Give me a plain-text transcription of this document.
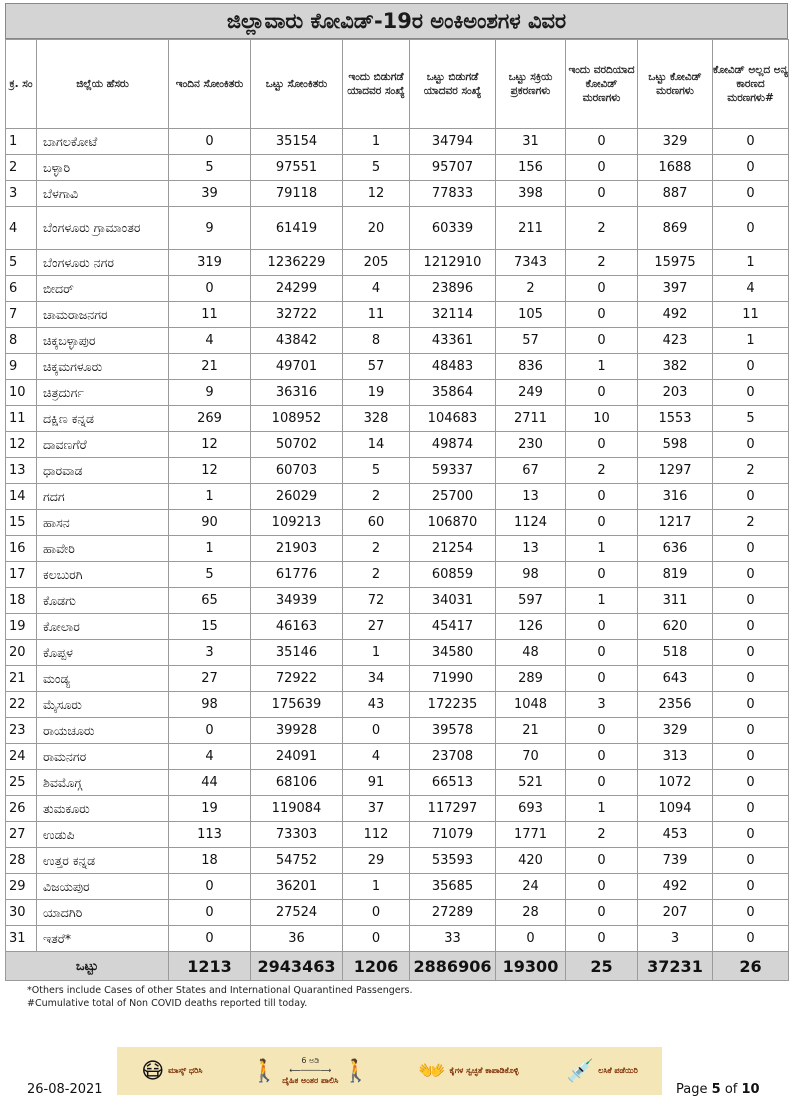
ಜಿಲ್ಲಾವಾರು ಕೋವಿಡ್-19ರ ಅಂಕಿಅಂಶಗಳ ವಿವರ
ಕ್ರ. ಸಂ	ಜಿಲ್ಲೆಯ ಹೆಸರು	ಇಂದಿನ ಸೋಂಕಿತರು	ಒಟ್ಟು ಸೋಂಕಿತರು	ಇಂದು ಬಿಡುಗಡೆ ಯಾದವರ ಸಂಖ್ಯೆ	ಒಟ್ಟು ಬಿಡುಗಡೆ ಯಾದವರ ಸಂಖ್ಯೆ	ಒಟ್ಟು ಸಕ್ರಿಯ ಪ್ರಕರಣಗಳು	ಇಂದು ವರದಿಯಾದ ಕೋವಿಡ್ ಮರಣಗಳು	ಒಟ್ಟು ಕೋವಿಡ್ ಮರಣಗಳು	ಕೋವಿಡ್ ಅಲ್ಲದ ಅನ್ಯ ಕಾರಣದ ಮರಣಗಳು#
1	ಬಾಗಲಕೋಟೆ	0	35154	1	34794	31	0	329	0
2	ಬಳ್ಳಾರಿ	5	97551	5	95707	156	0	1688	0
3	ಬೆಳಗಾವಿ	39	79118	12	77833	398	0	887	0
4	ಬೆಂಗಳೂರು ಗ್ರಾಮಾಂತರ	9	61419	20	60339	211	2	869	0
5	ಬೆಂಗಳೂರು ನಗರ	319	1236229	205	1212910	7343	2	15975	1
6	ಬೀದರ್	0	24299	4	23896	2	0	397	4
7	ಚಾಮರಾಜನಗರ	11	32722	11	32114	105	0	492	11
8	ಚಿಕ್ಕಬಳ್ಳಾಪುರ	4	43842	8	43361	57	0	423	1
9	ಚಿಕ್ಕಮಗಳೂರು	21	49701	57	48483	836	1	382	0
10	ಚಿತ್ರದುರ್ಗ	9	36316	19	35864	249	0	203	0
11	ದಕ್ಷಿಣ ಕನ್ನಡ	269	108952	328	104683	2711	10	1553	5
12	ದಾವಣಗೆರೆ	12	50702	14	49874	230	0	598	0
13	ಧಾರವಾಡ	12	60703	5	59337	67	2	1297	2
14	ಗದಗ	1	26029	2	25700	13	0	316	0
15	ಹಾಸನ	90	109213	60	106870	1124	0	1217	2
16	ಹಾವೇರಿ	1	21903	2	21254	13	1	636	0
17	ಕಲಬುರಗಿ	5	61776	2	60859	98	0	819	0
18	ಕೊಡಗು	65	34939	72	34031	597	1	311	0
19	ಕೋಲಾರ	15	46163	27	45417	126	0	620	0
20	ಕೊಪ್ಪಳ	3	35146	1	34580	48	0	518	0
21	ಮಂಡ್ಯ	27	72922	34	71990	289	0	643	0
22	ಮೈಸೂರು	98	175639	43	172235	1048	3	2356	0
23	ರಾಯಚೂರು	0	39928	0	39578	21	0	329	0
24	ರಾಮನಗರ	4	24091	4	23708	70	0	313	0
25	ಶಿವಮೊಗ್ಗ	44	68106	91	66513	521	0	1072	0
26	ತುಮಕೂರು	19	119084	37	117297	693	1	1094	0
27	ಉಡುಪಿ	113	73303	112	71079	1771	2	453	0
28	ಉತ್ತರ ಕನ್ನಡ	18	54752	29	53593	420	0	739	0
29	ವಿಜಯಪುರ	0	36201	1	35685	24	0	492	0
30	ಯಾದಗಿರಿ	0	27524	0	27289	28	0	207	0
31	ಇತರೆ*	0	36	0	33	0	0	3	0
ಒಟ್ಟು		1213	2943463	1206	2886906	19300	25	37231	26
*Others include Cases of other States and International Quarantined Passengers.
#Cumulative total of Non COVID deaths reported till today.
😷 ಮಾಸ್ಕ್ ಧರಿಸಿ 🚶	6 ಅಡಿ
⟵────⟶
ದೈಹಿಕ ಅಂತರ ಪಾಲಿಸಿ 🚶 👐 ಕೈಗಳ ಸ್ವಚ್ಛತೆ ಕಾಪಾಡಿಕೊಳ್ಳಿ 💉 ಲಸಿಕೆ ಪಡೆಯಿರಿ
26-08-2021	Page 5 of 10
